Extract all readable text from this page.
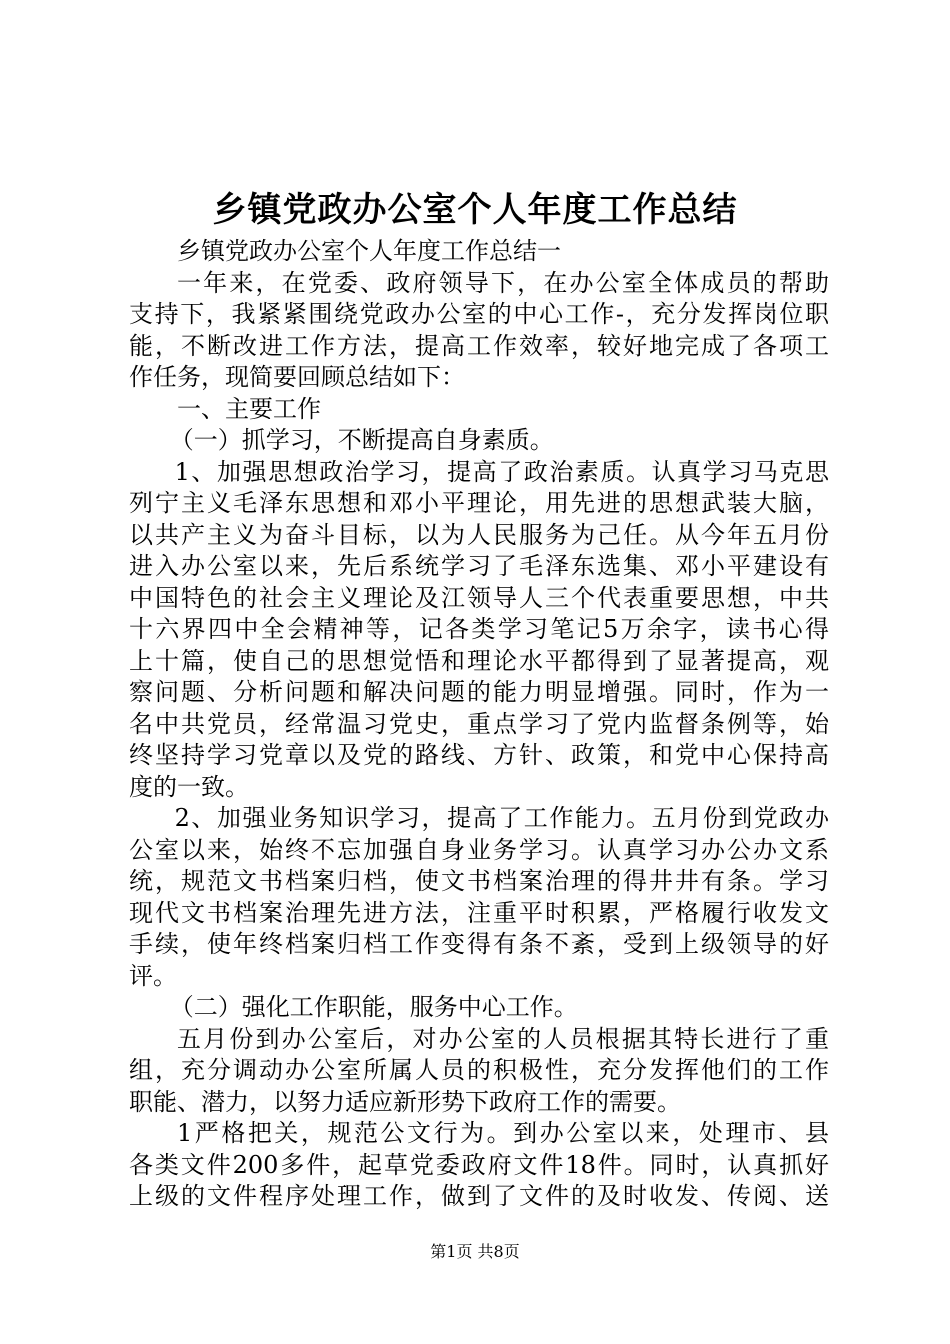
乡镇党政办公室个人年度工作总结
乡镇党政办公室个人年度工作总结一
一年来，在党委、政府领导下，在办公室全体成员的帮助
支持下，我紧紧围绕党政办公室的中心工作-，充分发挥岗位职
能，不断改进工作方法，提高工作效率，较好地完成了各项工
作任务，现简要回顾总结如下：
一、主要工作
（一）抓学习，不断提高自身素质。
1、加强思想政治学习，提高了政治素质。认真学习马克思
列宁主义毛泽东思想和邓小平理论，用先进的思想武装大脑，
以共产主义为奋斗目标，以为人民服务为己任。从今年五月份
进入办公室以来，先后系统学习了毛泽东选集、邓小平建设有
中国特色的社会主义理论及江领导人三个代表重要思想，中共
十六界四中全会精神等，记各类学习笔记5万余字，读书心得
上十篇，使自己的思想觉悟和理论水平都得到了显著提高，观
察问题、分析问题和解决问题的能力明显增强。同时，作为一
名中共党员，经常温习党史，重点学习了党内监督条例等，始
终坚持学习党章以及党的路线、方针、政策，和党中心保持高
度的一致。
2、加强业务知识学习，提高了工作能力。五月份到党政办
公室以来，始终不忘加强自身业务学习。认真学习办公办文系
统，规范文书档案归档，使文书档案治理的得井井有条。学习
现代文书档案治理先进方法，注重平时积累，严格履行收发文
手续，使年终档案归档工作变得有条不紊，受到上级领导的好
评。
（二）强化工作职能，服务中心工作。
五月份到办公室后，对办公室的人员根据其特长进行了重
组，充分调动办公室所属人员的积极性，充分发挥他们的工作
职能、潜力，以努力适应新形势下政府工作的需要。
1严格把关，规范公文行为。到办公室以来，处理市、县
各类文件200多件，起草党委政府文件18件。同时，认真抓好
上级的文件程序处理工作，做到了文件的及时收发、传阅、送
第1页 共8页
